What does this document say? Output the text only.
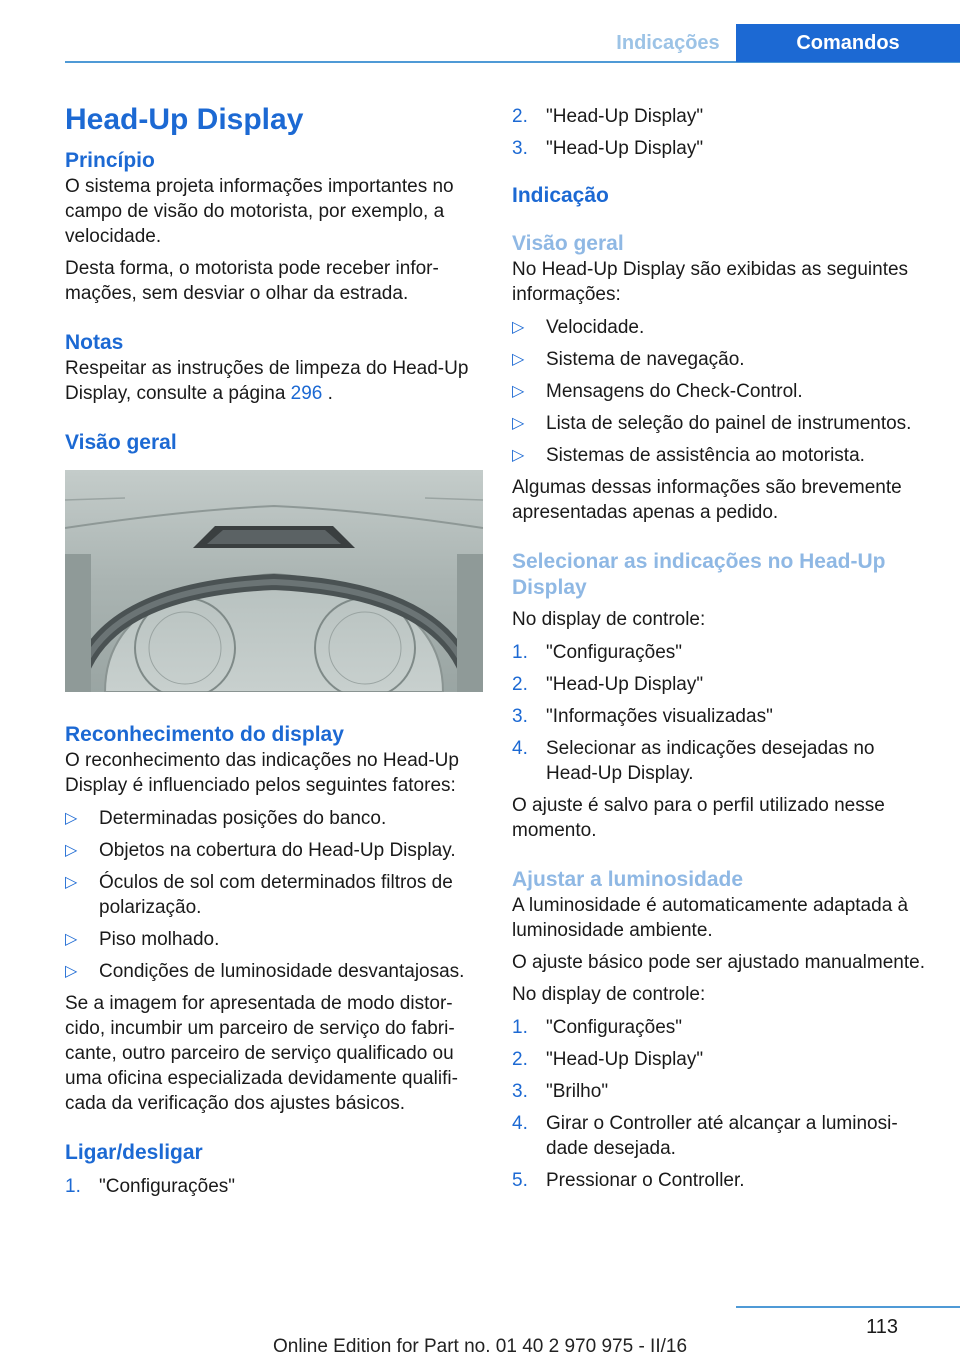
Indicações	Comandos
Head-Up Display
Princípio

O sistema projeta informações importantes no campo de visão do motorista, por exemplo, a velocidade.

Desta forma, o motorista pode receber informações, sem desviar o olhar da estrada.

Notas

Respeitar as instruções de limpeza do Head-Up Display, consulte a página 296 .

Visão geral
Reconhecimento do display

O reconhecimento das indicações no Head-Up Display é influenciado pelos seguintes fatores:

▷ Determinadas posições do banco.
▷ Objetos na cobertura do Head-Up Display.
▷ Óculos de sol com determinados filtros de polarização.
▷ Piso molhado.
▷ Condições de luminosidade desvantajosas.

Se a imagem for apresentada de modo distorcido, incumbir um parceiro de serviço do fabricante, outro parceiro de serviço qualificado ou uma oficina especializada devidamente qualificada da verificação dos ajustes básicos.

Ligar/desligar
1. "Configurações"
2. "Head-Up Display"
3. "Head-Up Display"
Indicação
Visão geral

No Head-Up Display são exibidas as seguintes informações:

▷ Velocidade.
▷ Sistema de navegação.
▷ Mensagens do Check-Control.
▷ Lista de seleção do painel de instrumentos.
▷ Sistemas de assistência ao motorista.

Algumas dessas informações são brevemente apresentadas apenas a pedido.

Selecionar as indicações no Head-Up Display

No display de controle:

1. "Configurações"
2. "Head-Up Display"
3. "Informações visualizadas"
4. Selecionar as indicações desejadas no Head-Up Display.

O ajuste é salvo para o perfil utilizado nesse momento.

Ajustar a luminosidade

A luminosidade é automaticamente adaptada à luminosidade ambiente.

O ajuste básico pode ser ajustado manualmente.

No display de controle:

1. "Configurações"
2. "Head-Up Display"
3. "Brilho"
4. Girar o Controller até alcançar a luminosidade desejada.
5. Pressionar o Controller.
113
Online Edition for Part no. 01 40 2 970 975 - II/16
